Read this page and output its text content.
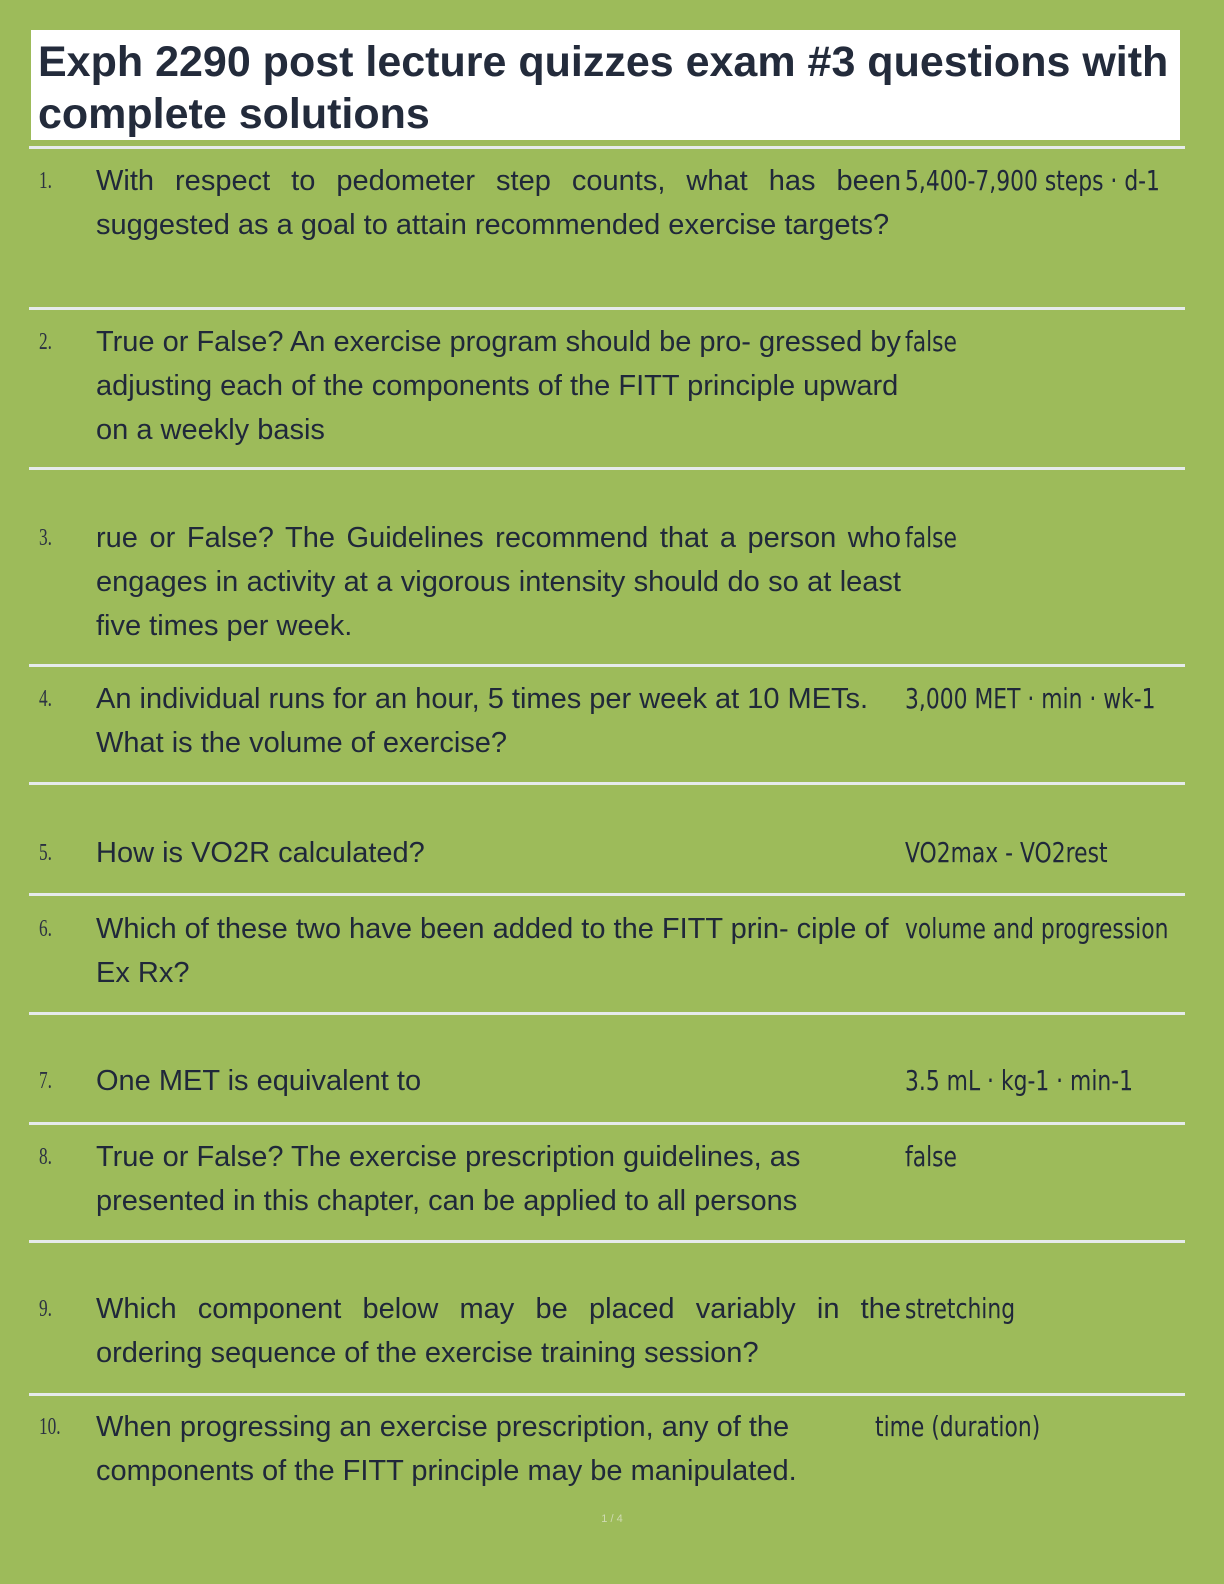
Exph 2290 post lecture quizzes exam #3 questions with complete solutions
1. With respect to pedometer step counts, what has been suggested as a goal to attain recommended exercise targets?
5,400-7,900 steps · d-1
2. True or False? An exercise program should be pro- gressed by adjusting each of the components of the FITT principle upward on a weekly basis
false
3. rue or False? The Guidelines recommend that a person who engages in activity at a vigorous intensity should do so at least five times per week.
false
4. An individual runs for an hour, 5 times per week at 10 METs. What is the volume of exercise?
3,000 MET · min · wk-1
5. How is VO2R calculated?	VO2max - VO2rest
6. Which of these two have been added to the FITT prin- ciple of Ex Rx?
volume and progression
7. One MET is equivalent to	3.5 mL · kg-1 · min-1
8. True or False? The exercise prescription guidelines, as presented in this chapter, can be applied to all persons
false
9. Which component below may be placed variably in the ordering sequence of the exercise training session?
stretching
10. When progressing an exercise prescription, any of the components of the FITT principle may be manipulated.
time (duration)
1 / 4
